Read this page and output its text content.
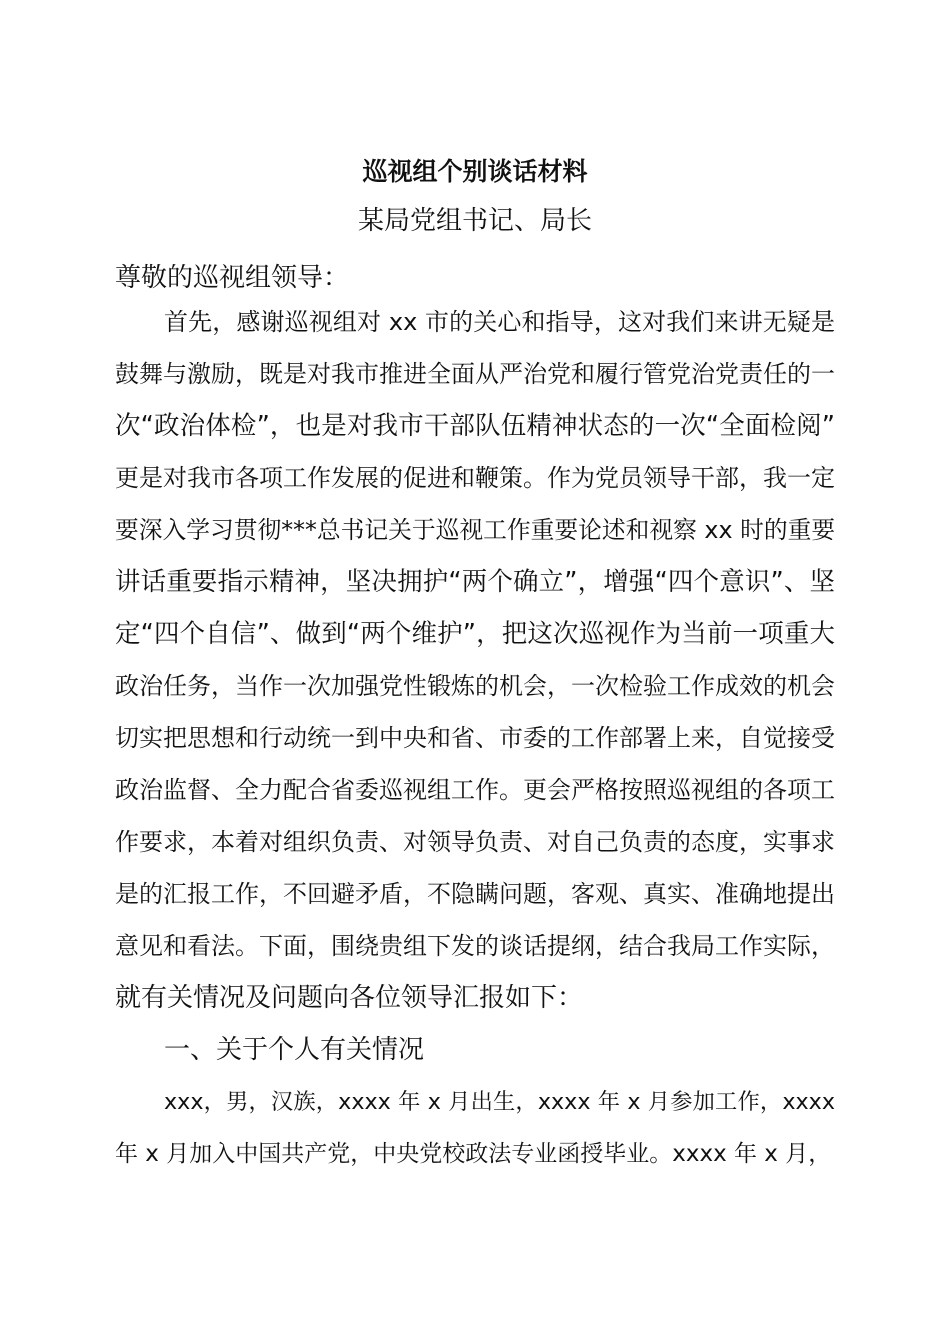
巡视组个别谈话材料
某局党组书记、局长
尊敬的巡视组领导：
首先，感谢巡视组对 xx 市的关心和指导，这对我们来讲无疑是
鼓舞与激励，既是对我市推进全面从严治党和履行管党治党责任的一
次“政治体检”，也是对我市干部队伍精神状态的一次“全面检阅”
更是对我市各项工作发展的促进和鞭策。作为党员领导干部，我一定
要深入学习贯彻***总书记关于巡视工作重要论述和视察 xx 时的重要
讲话重要指示精神，坚决拥护“两个确立”，增强“四个意识”、坚
定“四个自信”、做到“两个维护”，把这次巡视作为当前一项重大
政治任务，当作一次加强党性锻炼的机会，一次检验工作成效的机会
切实把思想和行动统一到中央和省、市委的工作部署上来，自觉接受
政治监督、全力配合省委巡视组工作。更会严格按照巡视组的各项工
作要求，本着对组织负责、对领导负责、对自己负责的态度，实事求
是的汇报工作，不回避矛盾，不隐瞒问题，客观、真实、准确地提出
意见和看法。下面，围绕贵组下发的谈话提纲，结合我局工作实际，
就有关情况及问题向各位领导汇报如下：
一、关于个人有关情况
xxx，男，汉族，xxxx 年 x 月出生，xxxx 年 x 月参加工作，xxxx
年 x 月加入中国共产党，中央党校政法专业函授毕业。xxxx 年 x 月，
